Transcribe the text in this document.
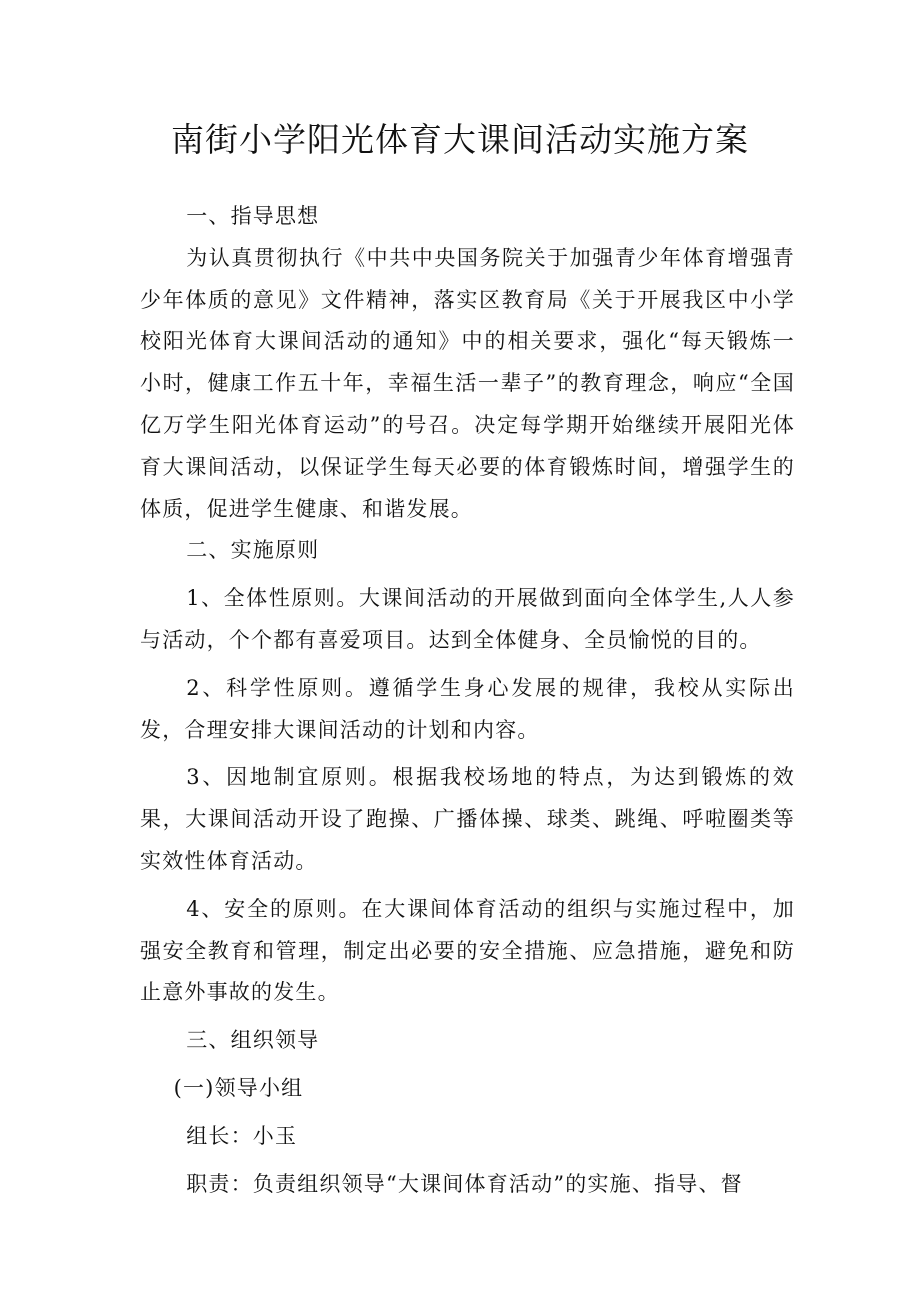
南街小学阳光体育大课间活动实施方案

一、指导思想

为认真贯彻执行《中共中央国务院关于加强青少年体育增强青少年体质的意见》文件精神，落实区教育局《关于开展我区中小学校阳光体育大课间活动的通知》中的相关要求，强化“每天锻炼一小时，健康工作五十年，幸福生活一辈子”的教育理念，响应“全国亿万学生阳光体育运动”的号召。决定每学期开始继续开展阳光体育大课间活动，以保证学生每天必要的体育锻炼时间，增强学生的体质，促进学生健康、和谐发展。

二、实施原则

1、全体性原则。大课间活动的开展做到面向全体学生,人人参与活动，个个都有喜爱项目。达到全体健身、全员愉悦的目的。

2、科学性原则。遵循学生身心发展的规律，我校从实际出发，合理安排大课间活动的计划和内容。

3、因地制宜原则。根据我校场地的特点，为达到锻炼的效果，大课间活动开设了跑操、广播体操、球类、跳绳、呼啦圈类等实效性体育活动。

4、安全的原则。在大课间体育活动的组织与实施过程中，加强安全教育和管理，制定出必要的安全措施、应急措施，避免和防止意外事故的发生。

三、组织领导

(一)领导小组

组长：小玉

职责：负责组织领导“大课间体育活动”的实施、指导、督
